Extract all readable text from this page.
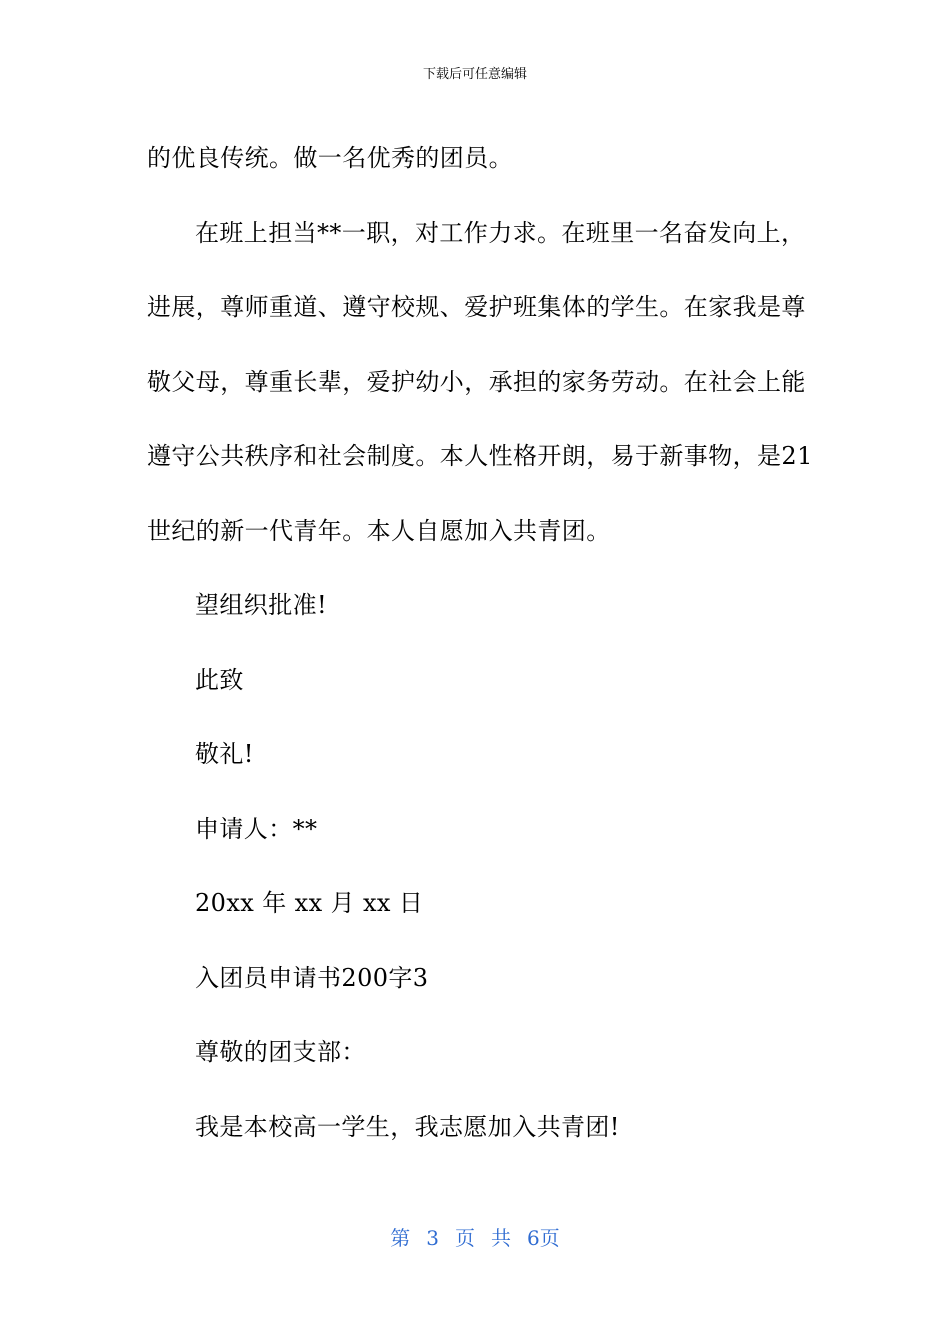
下载后可任意编辑
的优良传统。做一名优秀的团员。
在班上担当**一职，对工作力求。在班里一名奋发向上，
进展，尊师重道、遵守校规、爱护班集体的学生。在家我是尊
敬父母，尊重长辈，爱护幼小，承担的家务劳动。在社会上能
遵守公共秩序和社会制度。本人性格开朗，易于新事物，是21
世纪的新一代青年。本人自愿加入共青团。
望组织批准!
此致
敬礼!
申请人：**
20xx 年 xx 月 xx 日
入团员申请书200字3
尊敬的团支部：
我是本校高一学生，我志愿加入共青团!
第 3 页 共 6页
